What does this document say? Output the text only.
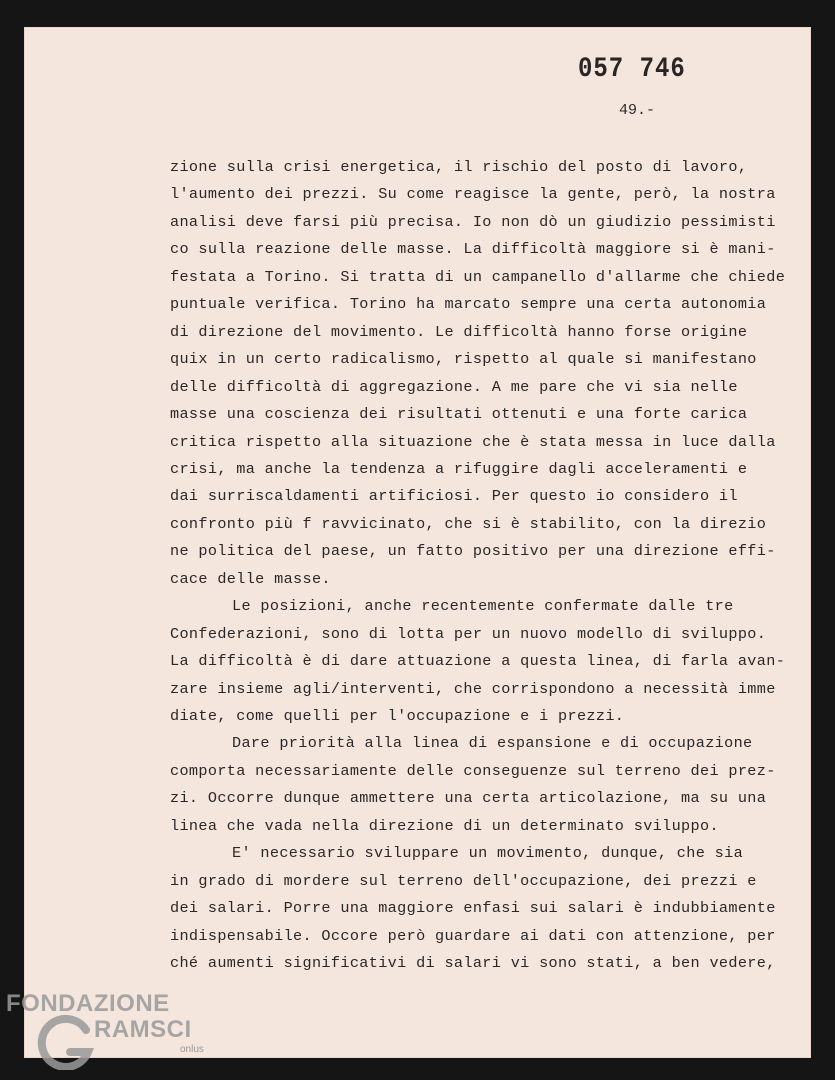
057 746
49.-
zione sulla crisi energetica, il rischio del posto di lavoro,
l'aumento dei prezzi. Su come reagisce la gente, però, la nostra
analisi deve farsi più precisa. Io non dò un giudizio pessimisti
co sulla reazione delle masse. La difficoltà maggiore si è mani-
festata a Torino. Si tratta di un campanello d'allarme che chiede
puntuale verifica. Torino ha marcato sempre una certa autonomia
di direzione del movimento. Le difficoltà hanno forse origine
quix in un certo radicalismo, rispetto al quale si manifestano
delle difficoltà di aggregazione. A me pare che vi sia nelle
masse una coscienza dei risultati ottenuti e una forte carica
critica rispetto alla situazione che è stata messa in luce dalla
crisi, ma anche la tendenza a rifuggire dagli acceleramenti e
dai surriscaldamenti artificiosi. Per questo io considero il
confronto più f ravvicinato, che si è stabilito, con la direzio
ne politica del paese, un fatto positivo per una direzione effi-
cace delle masse.
Le posizioni, anche recentemente confermate dalle tre
Confederazioni, sono di lotta per un nuovo modello di sviluppo.
La difficoltà è di dare attuazione a questa linea, di farla avan-
zare insieme agli/interventi, che corrispondono a necessità imme
diate, come quelli per l'occupazione e i prezzi.
Dare priorità alla linea di espansione e di occupazione
comporta necessariamente delle conseguenze sul terreno dei prez-
zi. Occorre dunque ammettere una certa articolazione, ma su una
linea che vada nella direzione di un determinato sviluppo.
E' necessario sviluppare un movimento, dunque, che sia
in grado di mordere sul terreno dell'occupazione, dei prezzi e
dei salari. Porre una maggiore enfasi sui salari è indubbiamente
indispensabile. Occore però guardare ai dati con attenzione, per
ché aumenti significativi di salari vi sono stati, a ben vedere,
FONDAZIONE
RAMSCI
onlus
